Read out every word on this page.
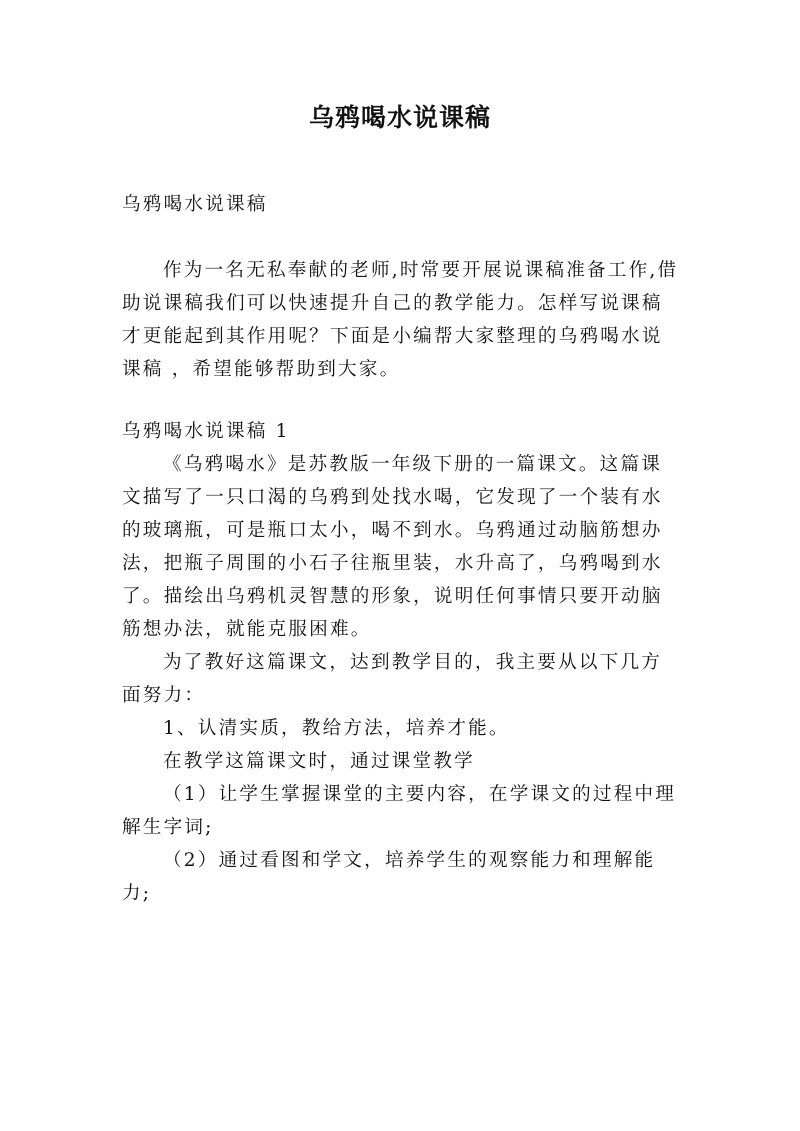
乌鸦喝水说课稿

乌鸦喝水说课稿

作为一名无私奉献的老师,时常要开展说课稿准备工作,借助说课稿我们可以快速提升自己的教学能力。怎样写说课稿才更能起到其作用呢？下面是小编帮大家整理的乌鸦喝水说课稿 ，希望能够帮助到大家。

乌鸦喝水说课稿 1

《乌鸦喝水》是苏教版一年级下册的一篇课文。这篇课文描写了一只口渴的乌鸦到处找水喝，它发现了一个装有水的玻璃瓶，可是瓶口太小，喝不到水。乌鸦通过动脑筋想办法，把瓶子周围的小石子往瓶里装，水升高了，乌鸦喝到水了。描绘出乌鸦机灵智慧的形象，说明任何事情只要开动脑筋想办法，就能克服困难。

为了教好这篇课文，达到教学目的，我主要从以下几方面努力：

1、认清实质，教给方法，培养才能。

在教学这篇课文时，通过课堂教学

（1）让学生掌握课堂的主要内容，在学课文的过程中理解生字词;

（2）通过看图和学文，培养学生的观察能力和理解能力;
